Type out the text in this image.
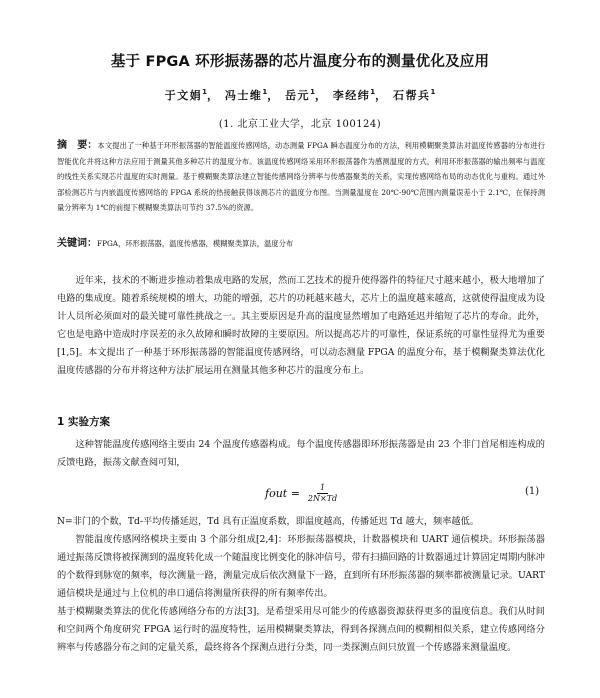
基于 FPGA 环形振荡器的芯片温度分布的测量优化及应用
于文娟$^1$， 冯士维$^1$， 岳元$^1$， 李经纬$^1$， 石帮兵$^1$
(1. 北京工业大学，北京 100124)
摘　要：本文提出了一种基于环形振荡器的智能温度传感网络，动态测量 FPGA 瞬态温度分布的方法，利用模糊聚类算法对温度传感器的分布进行智能优化并将这种方法应用于测量其他多种芯片的温度分布。该温度传感网络采用环形振荡器作为感测温度的方式，利用环形振荡器的输出频率与温度的线性关系实现芯片温度的实时测量。基于模糊聚类算法建立智能传感网络分辨率与传感器聚类的关系，实现传感网络布局的动态优化与重构。通过外部检测芯片与内嵌温度传感网络的 FPGA 系统的热接触获得该测芯片的温度分布图。当测量温度在 20℃-90℃范围内测量误差小于 2.1℃，在保持测量分辨率为 1℃的前提下模糊聚类算法可节约 37.5%的资源。
关键词：FPGA，环形振荡器，温度传感器，模糊聚类算法，温度分布
近年来，技术的不断进步推动着集成电路的发展，然而工艺技术的提升使得器件的特征尺寸越来越小，极大地增加了电路的集成度。随着系统规模的增大，功能的增强，芯片的功耗越来越大，芯片上的温度越来越高，这就使得温度成为设计人员所必须面对的最关键可靠性挑战之一。其主要原因是升高的温度显然增加了电路延迟并缩短了芯片的寿命。此外，它也是电路中造成时序误差的永久故障和瞬时故障的主要原因。所以提高芯片的可靠性，保证系统的可靠性显得尤为重要[1,5]。本文提出了一种基于环形振荡器的智能温度传感网络，可以动态测量 FPGA 的温度分布，基于模糊聚类算法优化温度传感器的分布并将这种方法扩展运用在测量其他多种芯片的温度分布上。
1 实验方案
这种智能温度传感网络主要由 24 个温度传感器构成。每个温度传感器即环形振荡器是由 23 个非门首尾相连构成的反馈电路，振荡文献查阅可知，
fout = $\frac{1}{2N\times Td}$	(1)

N=非门的个数，Td-平均传播延迟，Td 具有正温度系数，即温度越高，传播延迟 Td 越大，频率越低。

智能温度传感网络模块主要由 3 个部分组成[2,4]：环形振荡器模块，计数器模块和 UART 通信模块。环形振荡器通过振荡反馈将被探测到的温度转化成一个随温度比例变化的脉冲信号，带有扫描回路的计数器通过计算固定周期内脉冲的个数得到脉宽的频率，每次测量一路，测量完成后依次测量下一路，直到所有环形振荡器的频率都被测量记录。UART 通信模块是通过与上位机的串口通信将测量所获得的所有频率传出。

基于模糊聚类算法的优化传感网络分布的方法[3]，是希望采用尽可能少的传感器资源获得更多的温度信息。我们从时间和空间两个角度研究 FPGA 运行时的温度特性，运用模糊聚类算法，得到各探测点间的模糊相似关系，建立传感网络分辨率与传感器分布之间的定量关系，最终将各个探测点进行分类，同一类探测点间只放置一个传感器来测量温度。
